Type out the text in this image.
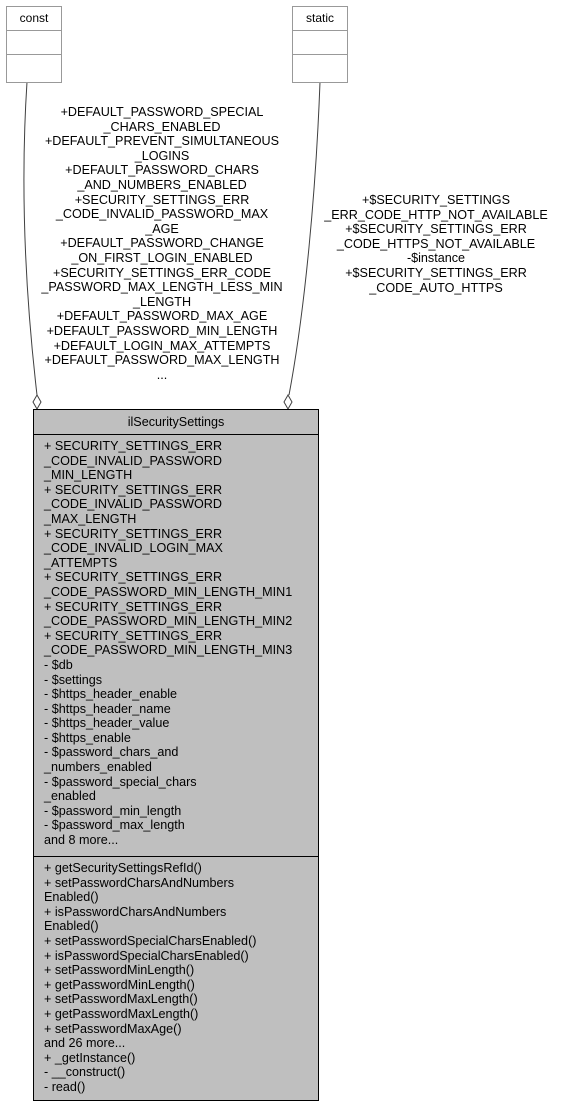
const	static
+DEFAULT_PASSWORD_SPECIAL
_CHARS_ENABLED
+DEFAULT_PREVENT_SIMULTANEOUS
_LOGINS
+DEFAULT_PASSWORD_CHARS
_AND_NUMBERS_ENABLED
+SECURITY_SETTINGS_ERR
_CODE_INVALID_PASSWORD_MAX
_AGE
+DEFAULT_PASSWORD_CHANGE
_ON_FIRST_LOGIN_ENABLED
+SECURITY_SETTINGS_ERR_CODE
_PASSWORD_MAX_LENGTH_LESS_MIN
_LENGTH
+DEFAULT_PASSWORD_MAX_AGE
+DEFAULT_PASSWORD_MIN_LENGTH
+DEFAULT_LOGIN_MAX_ATTEMPTS
+DEFAULT_PASSWORD_MAX_LENGTH
...
+$SECURITY_SETTINGS
_ERR_CODE_HTTP_NOT_AVAILABLE
+$SECURITY_SETTINGS_ERR
_CODE_HTTPS_NOT_AVAILABLE
-$instance
+$SECURITY_SETTINGS_ERR
_CODE_AUTO_HTTPS
ilSecuritySettings
+ SECURITY_SETTINGS_ERR
_CODE_INVALID_PASSWORD
_MIN_LENGTH
+ SECURITY_SETTINGS_ERR
_CODE_INVALID_PASSWORD
_MAX_LENGTH
+ SECURITY_SETTINGS_ERR
_CODE_INVALID_LOGIN_MAX
_ATTEMPTS
+ SECURITY_SETTINGS_ERR
_CODE_PASSWORD_MIN_LENGTH_MIN1
+ SECURITY_SETTINGS_ERR
_CODE_PASSWORD_MIN_LENGTH_MIN2
+ SECURITY_SETTINGS_ERR
_CODE_PASSWORD_MIN_LENGTH_MIN3
- $db
- $settings
- $https_header_enable
- $https_header_name
- $https_header_value
- $https_enable
- $password_chars_and
_numbers_enabled
- $password_special_chars
_enabled
- $password_min_length
- $password_max_length
and 8 more...
+ getSecuritySettingsRefId()
+ setPasswordCharsAndNumbers
Enabled()
+ isPasswordCharsAndNumbers
Enabled()
+ setPasswordSpecialCharsEnabled()
+ isPasswordSpecialCharsEnabled()
+ setPasswordMinLength()
+ getPasswordMinLength()
+ setPasswordMaxLength()
+ getPasswordMaxLength()
+ setPasswordMaxAge()
and 26 more...
+ _getInstance()
- __construct()
- read()
